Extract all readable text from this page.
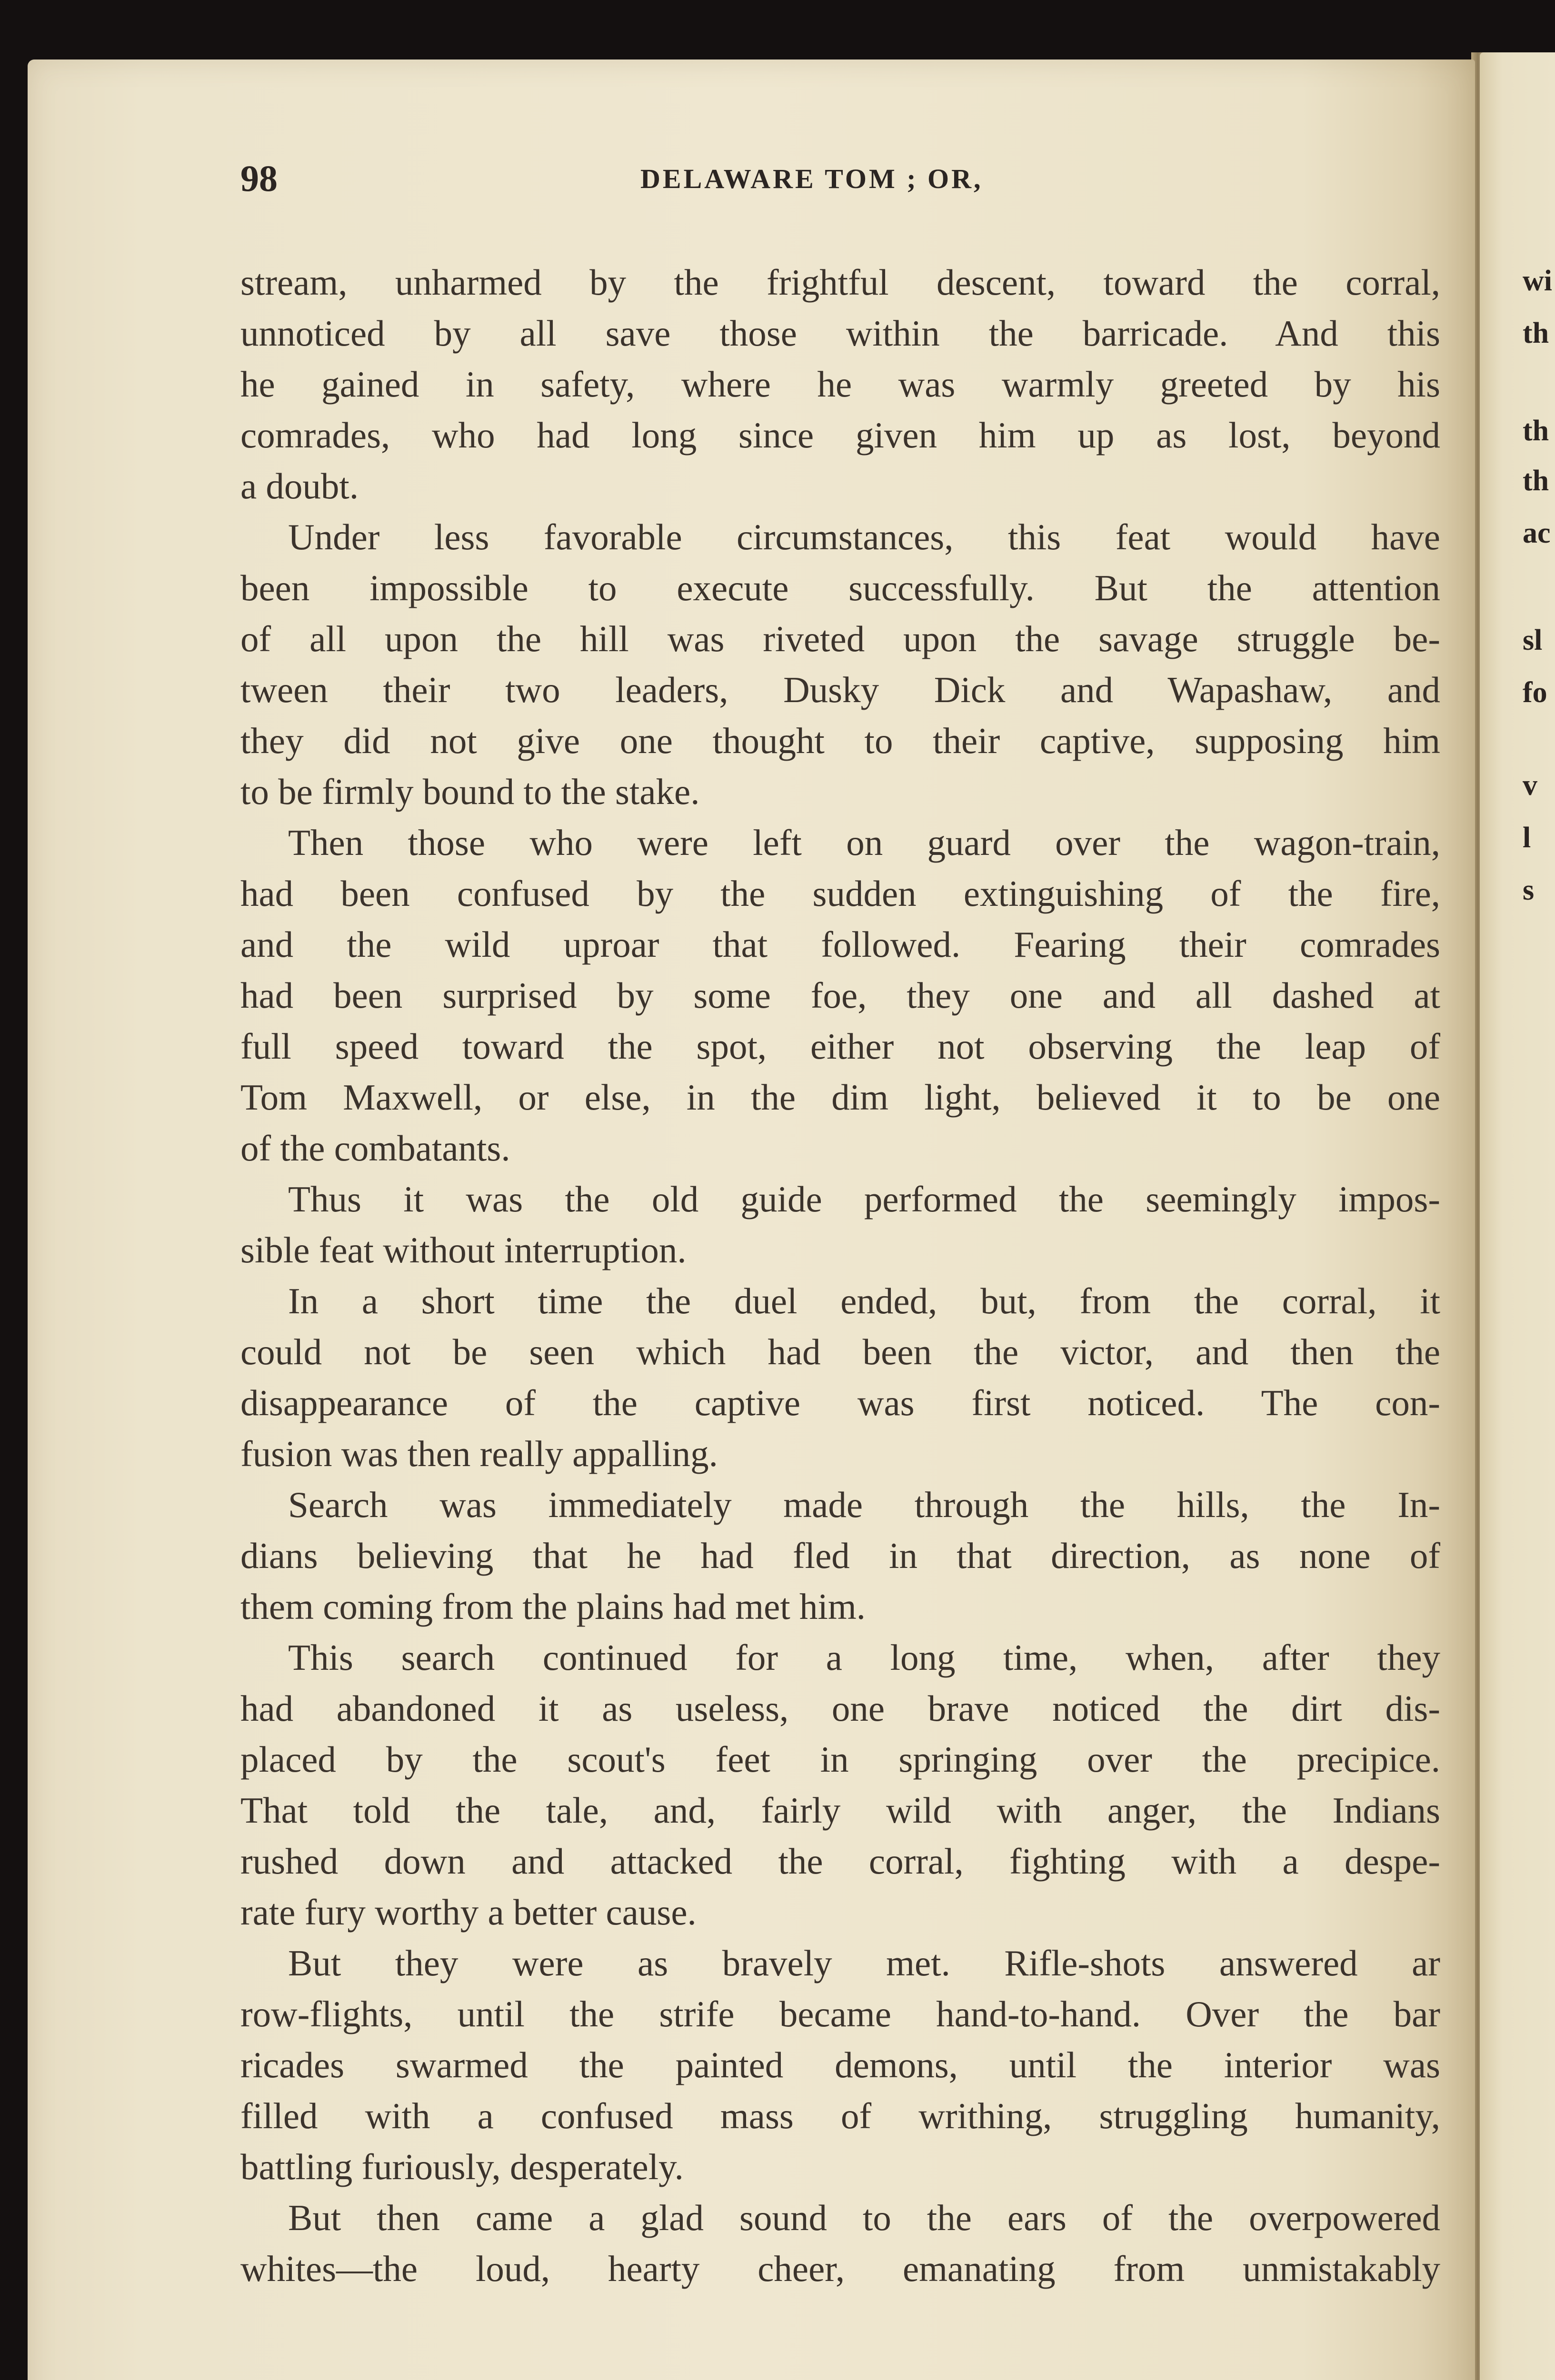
98	DELAWARE TOM ; OR,
stream, unharmed by the frightful descent, toward the corral,
unnoticed by all save those within the barricade. And this
he gained in safety, where he was warmly greeted by his
comrades, who had long since given him up as lost, beyond
a doubt.
Under less favorable circumstances, this feat would have
been impossible to execute successfully. But the attention
of all upon the hill was riveted upon the savage struggle be-
tween their two leaders, Dusky Dick and Wapashaw, and
they did not give one thought to their captive, supposing him
to be firmly bound to the stake.
Then those who were left on guard over the wagon-train,
had been confused by the sudden extinguishing of the fire,
and the wild uproar that followed. Fearing their comrades
had been surprised by some foe, they one and all dashed at
full speed toward the spot, either not observing the leap of
Tom Maxwell, or else, in the dim light, believed it to be one
of the combatants.
Thus it was the old guide performed the seemingly impos-
sible feat without interruption.
In a short time the duel ended, but, from the corral, it
could not be seen which had been the victor, and then the
disappearance of the captive was first noticed. The con-
fusion was then really appalling.
Search was immediately made through the hills, the In-
dians believing that he had fled in that direction, as none of
them coming from the plains had met him.
This search continued for a long time, when, after they
had abandoned it as useless, one brave noticed the dirt dis-
placed by the scout's feet in springing over the precipice.
That told the tale, and, fairly wild with anger, the Indians
rushed down and attacked the corral, fighting with a despe-
rate fury worthy a better cause.
But they were as bravely met. Rifle-shots answered ar
row-flights, until the strife became hand-to-hand. Over the bar
ricades swarmed the painted demons, until the interior was
filled with a confused mass of writhing, struggling humanity,
battling furiously, desperately.
But then came a glad sound to the ears of the overpowered
whites—the loud, hearty cheer, emanating from unmistakably
wi
th
th
th
ac
sl
fo
v
l
s
